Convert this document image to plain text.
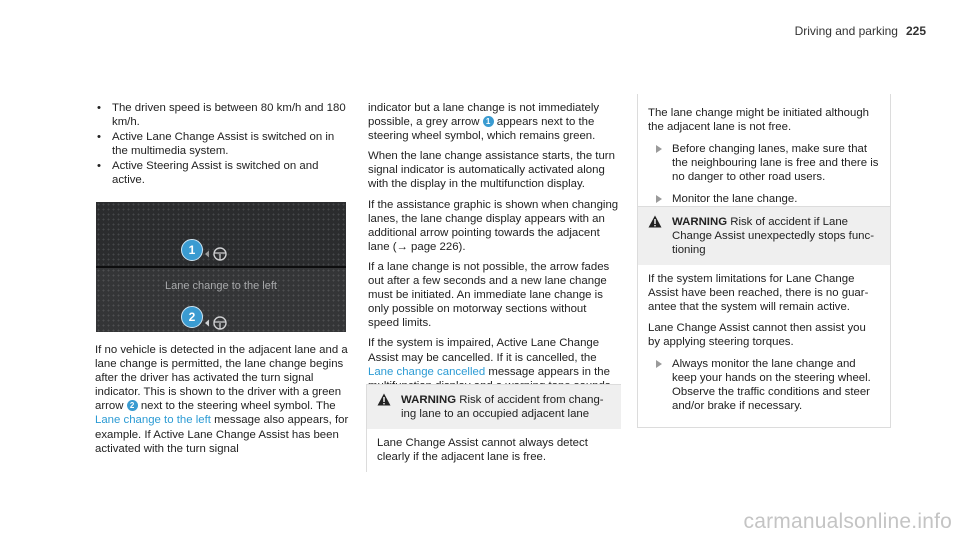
Driving and parking 225
• The driven speed is between 80 km/h and 180 km/h.
• Active Lane Change Assist is switched on in the multimedia system.
• Active Steering Assist is switched on and active.
1
Lane change to the left
2

If no vehicle is detected in the adjacent lane and a lane change is permitted, the lane change begins after the driver has activated the turn signal indicator. This is shown to the driver with a green arrow 2 next to the steering wheel symbol. The Lane change to the left message also appears, for example. If Active Lane Change Assist has been activated with the turn signal

indicator but a lane change is not immediately possible, a grey arrow 1 appears next to the steering wheel symbol, which remains green.

When the lane change assistance starts, the turn signal indicator is automatically activated along with the display in the multifunction display.

If the assistance graphic is shown when changing lanes, the lane change display appears with an additional arrow pointing towards the adjacent lane (→ page 226).

If a lane change is not possible, the arrow fades out after a few seconds and a new lane change must be initiated. An immediate lane change is only possible on motorway sections without speed limits.

If the system is impaired, Active Lane Change Assist may be cancelled. If it is cancelled, the Lane change cancelled message appears in the

WARNING Risk of accident from changing lane to an occupied adjacent lane
Lane Change Assist cannot always detect clearly if the adjacent lane is free.

The lane change might be initiated although the adjacent lane is not free.

Before changing lanes, make sure that the neighbouring lane is free and there is no danger to other road users.
Monitor the lane change.
WARNING Risk of accident if Lane Change Assist unexpectedly stops functioning

If the system limitations for Lane Change Assist have been reached, there is no guarantee that the system will remain active.

Lane Change Assist cannot then assist you by applying steering torques.

Always monitor the lane change and keep your hands on the steering wheel. Observe the traffic conditions and steer and/or brake if necessary.
carmanualsonline.info
